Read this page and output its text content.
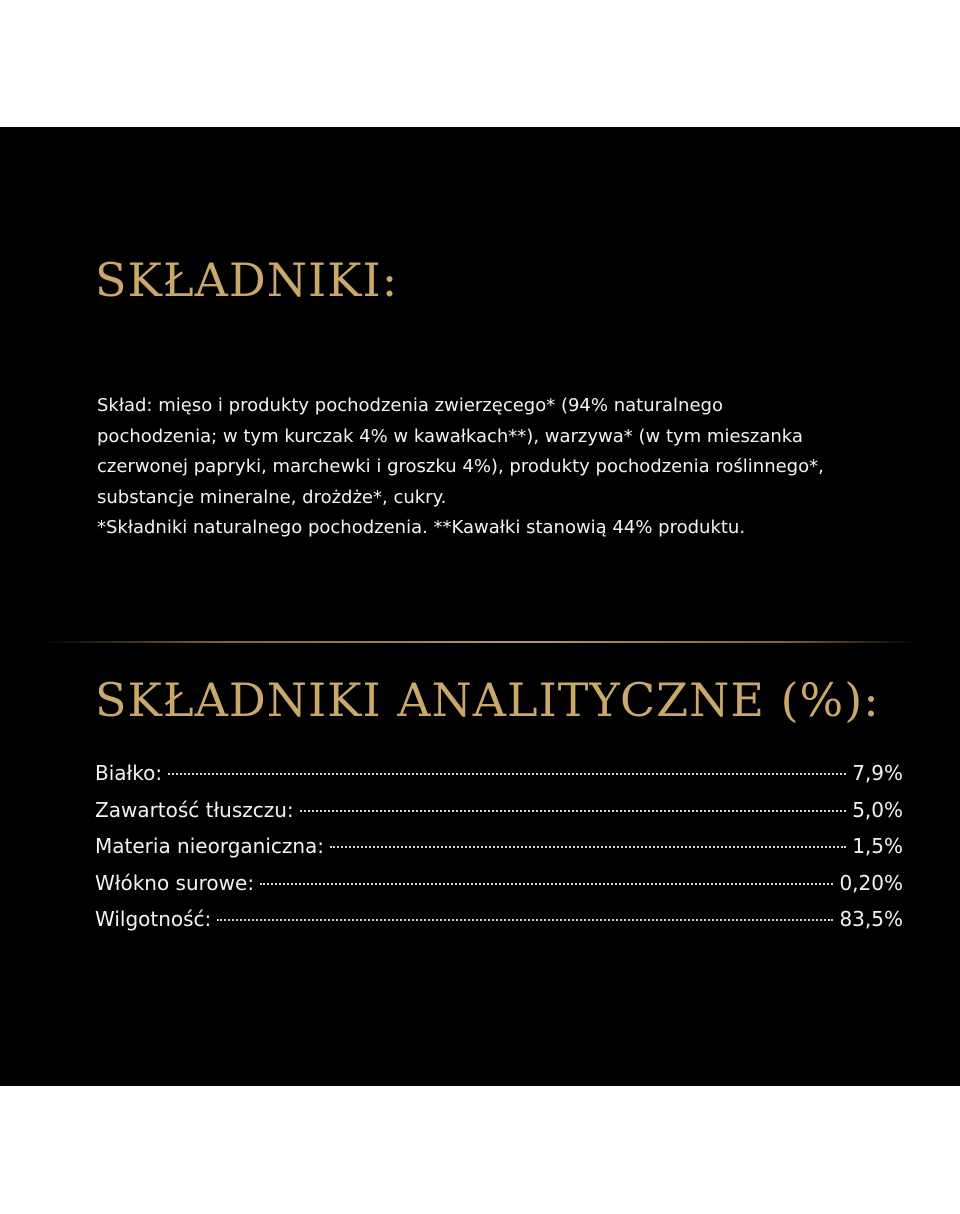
SKŁADNIKI:

Skład: mięso i produkty pochodzenia zwierzęcego* (94% naturalnego

pochodzenia; w tym kurczak 4% w kawałkach**), warzywa* (w tym mieszanka

czerwonej papryki, marchewki i groszku 4%), produkty pochodzenia roślinnego*,

substancje mineralne, drożdże*, cukry.

*Składniki naturalnego pochodzenia. **Kawałki stanowią 44% produktu.

SKŁADNIKI ANALITYCZNE (%):
Białko:	7,9%
Zawartość tłuszczu:	5,0%
Materia nieorganiczna:	1,5%
Włókno surowe:	0,20%
Wilgotność:	83,5%
